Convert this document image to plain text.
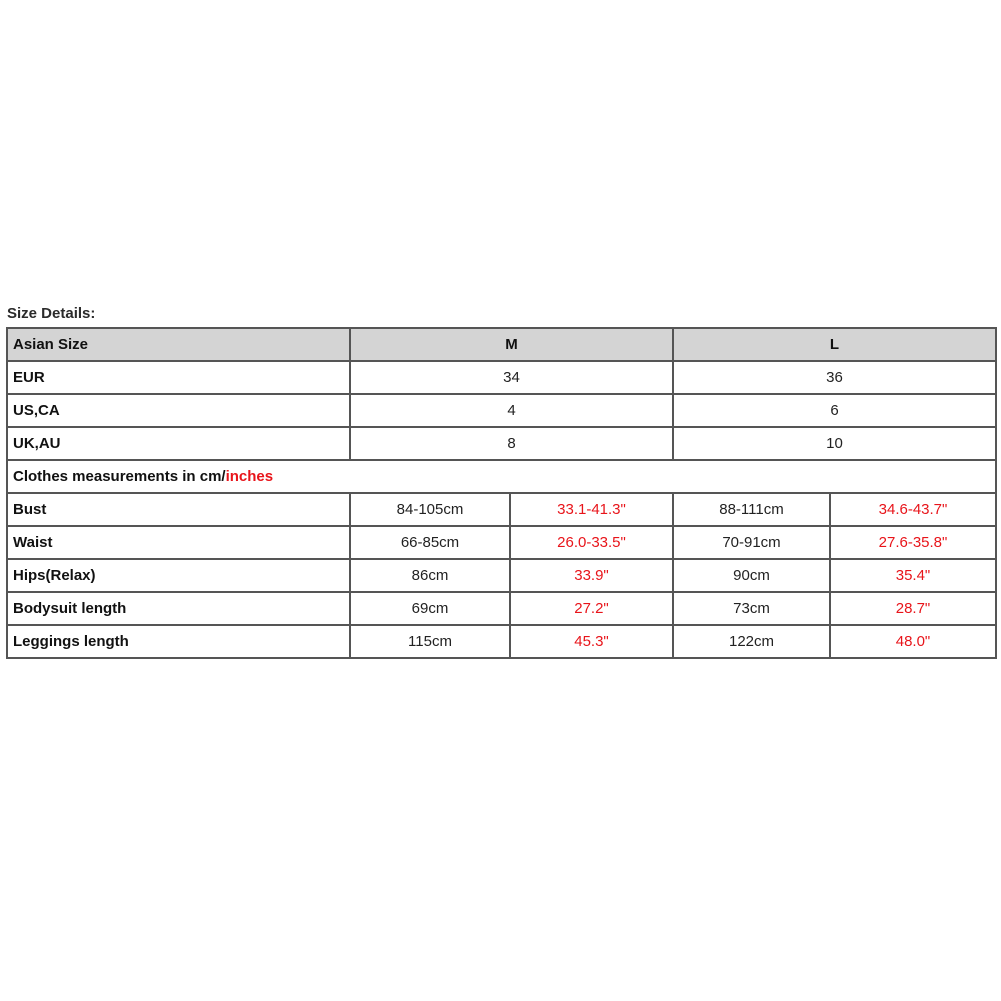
Size Details:
Asian Size	M		L	
EUR	34		36	
US,CA	4		6	
UK,AU	8		10	
Clothes measurements in cm/inches				
Bust	84-105cm	33.1-41.3"	88-111cm	34.6-43.7"
Waist	66-85cm	26.0-33.5"	70-91cm	27.6-35.8"
Hips(Relax)	86cm	33.9"	90cm	35.4"
Bodysuit length	69cm	27.2"	73cm	28.7"
Leggings length	115cm	45.3"	122cm	48.0"
